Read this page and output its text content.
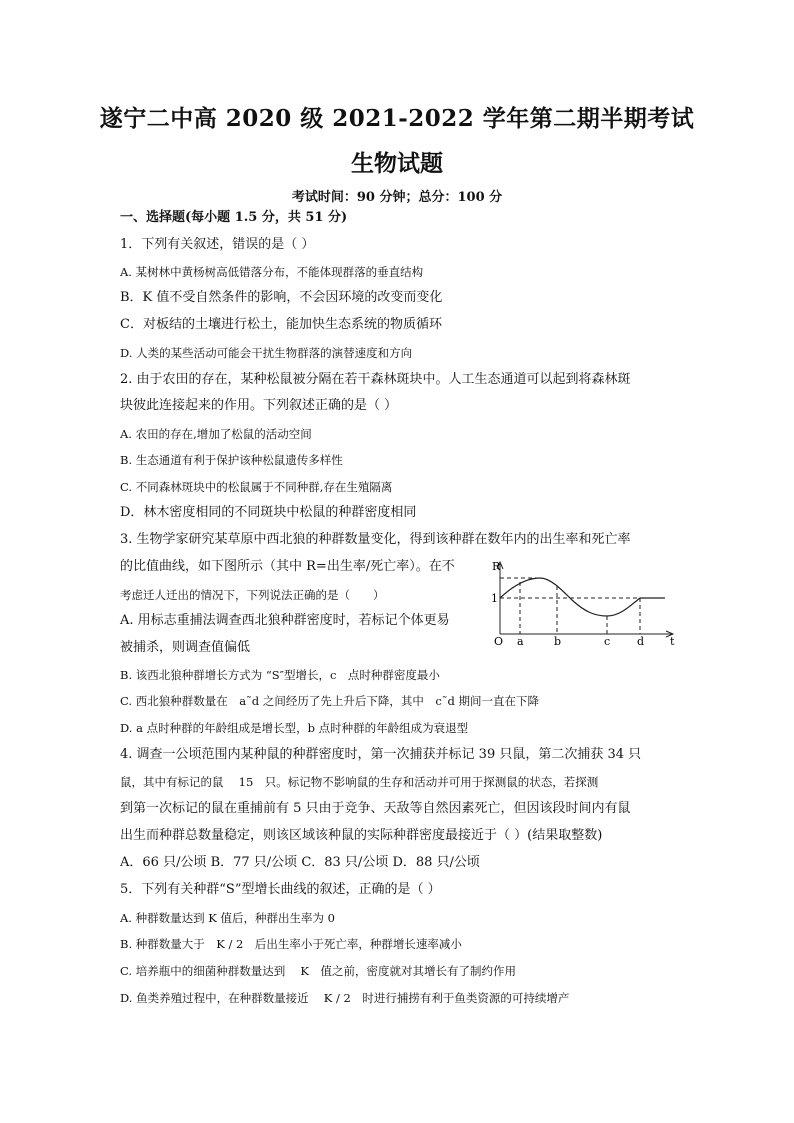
遂宁二中高 2020 级 2021-2022 学年第二期半期考试
生物试题
考试时间：90 分钟；总分：100 分
一、选择题(每小题 1.5 分，共 51 分)
1．下列有关叙述，错误的是（ ）
A. 某树林中黄杨树高低错落分布，不能体现群落的垂直结构
B．K 值不受自然条件的影响，不会因环境的改变而变化
C．对板结的土壤进行松土，能加快生态系统的物质循环
D. 人类的某些活动可能会干扰生物群落的演替速度和方向
2. 由于农田的存在，某种松鼠被分隔在若干森林斑块中。人工生态通道可以起到将森林斑
块彼此连接起来的作用。下列叙述正确的是（ ）
A. 农田的存在,增加了松鼠的活动空间
B. 生态通道有利于保护该种松鼠遗传多样性
C. 不同森林斑块中的松鼠属于不同种群,存在生殖隔离
D．林木密度相同的不同斑块中松鼠的种群密度相同
3. 生物学家研究某草原中西北狼的种群数量变化，得到该种群在数年内的出生率和死亡率
的比值曲线，如下图所示（其中 R=出生率/死亡率）。在不
考虑迁人迁出的情况下，下列说法正确的是（　　）
A. 用标志重捕法调查西北狼种群密度时，若标记个体更易
被捕杀，则调查值偏低
B. 该西北狼种群增长方式为 “S″型增长，c　点时种群密度最小
C. 西北狼种群数量在　a˜d 之间经历了先上升后下降，其中　c˜d 期间一直在下降
D. a 点时种群的年龄组成是增长型，b 点时种群的年龄组成为衰退型
R
1
O a	b	c d t
4. 调查一公顷范围内某种鼠的种群密度时，第一次捕获并标记 39 只鼠，第二次捕获 34 只
鼠，其中有标记的鼠　 15　只。标记物不影响鼠的生存和活动并可用于探测鼠的状态，若探测
到第一次标记的鼠在重捕前有 5 只由于竞争、天敌等自然因素死亡，但因该段时间内有鼠
出生而种群总数量稳定，则该区域该种鼠的实际种群密度最接近于（ ）(结果取整数)
A．66 只/公顷 B．77 只/公顷 C．83 只/公顷 D．88 只/公顷
5．下列有关种群“S”型增长曲线的叙述，正确的是（ ）
A. 种群数量达到 K 值后，种群出生率为 0
B. 种群数量大于　K / 2　后出生率小于死亡率，种群增长速率减小
C. 培养瓶中的细菌种群数量达到　 K　值之前，密度就对其增长有了制约作用
D. 鱼类养殖过程中，在种群数量接近　 K / 2　时进行捕捞有利于鱼类资源的可持续增产
